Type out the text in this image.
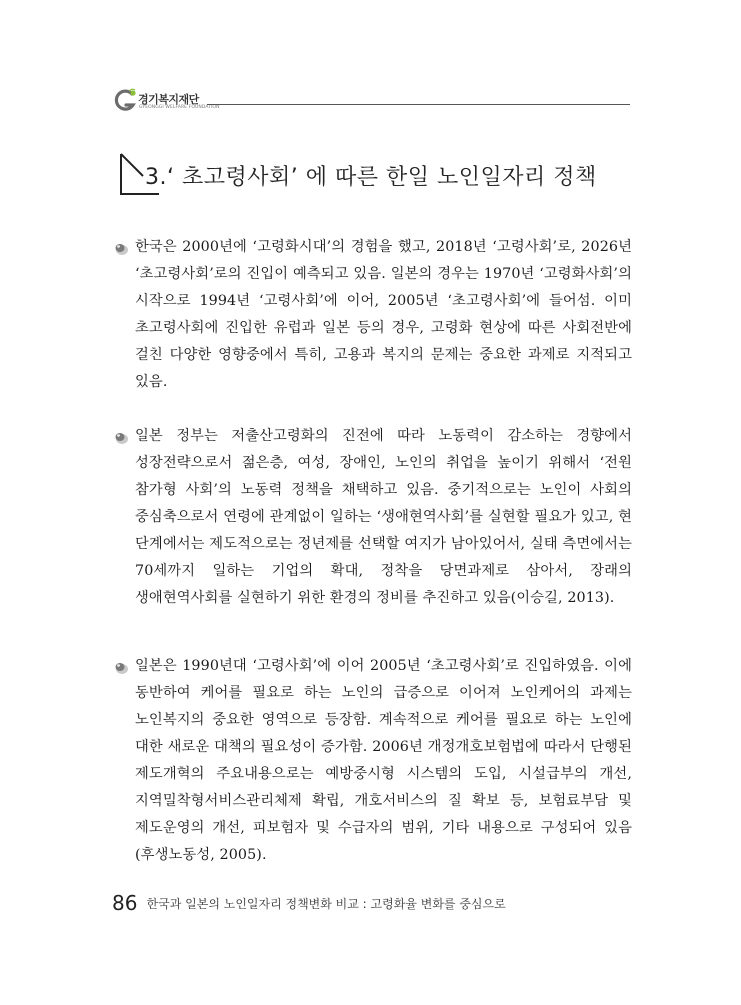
경기복지재단
GYEONGGI WELFARE FOUNDATION
3.‘ 초고령사회’ 에 따른 한일 노인일자리 정책

한국은 2000년에 ‘고령화시대’의 경험을 했고, 2018년 ‘고령사회’로, 2026년 ‘초고령사회’로의 진입이 예측되고 있음. 일본의 경우는 1970년 ‘고령화사회’의 시작으로 1994년 ‘고령사회’에 이어, 2005년 ‘초고령사회’에 들어섬. 이미 초고령사회에 진입한 유럽과 일본 등의 경우, 고령화 현상에 따른 사회전반에 걸친 다양한 영향중에서 특히, 고용과 복지의 문제는 중요한 과제로 지적되고 있음.

일본 정부는 저출산고령화의 진전에 따라 노동력이 감소하는 경향에서 성장전략으로서 젊은층, 여성, 장애인, 노인의 취업을 높이기 위해서 ‘전원 참가형 사회’의 노동력 정책을 채택하고 있음. 중기적으로는 노인이 사회의 중심축으로서 연령에 관계없이 일하는 ‘생애현역사회’를 실현할 필요가 있고, 현 단계에서는 제도적으로는 정년제를 선택할 여지가 남아있어서, 실태 측면에서는 70세까지 일하는 기업의 확대, 정착을 당면과제로 삼아서, 장래의 생애현역사회를 실현하기 위한 환경의 정비를 추진하고 있음(이승길, 2013).

일본은 1990년대 ‘고령사회’에 이어 2005년 ‘초고령사회’로 진입하였음. 이에 동반하여 케어를 필요로 하는 노인의 급증으로 이어져 노인케어의 과제는 노인복지의 중요한 영역으로 등장함. 계속적으로 케어를 필요로 하는 노인에 대한 새로운 대책의 필요성이 증가함. 2006년 개정개호보험법에 따라서 단행된 제도개혁의 주요내용으로는 예방중시형 시스템의 도입, 시설급부의 개선, 지역밀착형서비스관리체제 확립, 개호서비스의 질 확보 등, 보험료부담 및 제도운영의 개선, 피보험자 및 수급자의 범위, 기타 내용으로 구성되어 있음(후생노동성, 2005).

86 한국과 일본의 노인일자리 정책변화 비교 : 고령화율 변화를 중심으로
